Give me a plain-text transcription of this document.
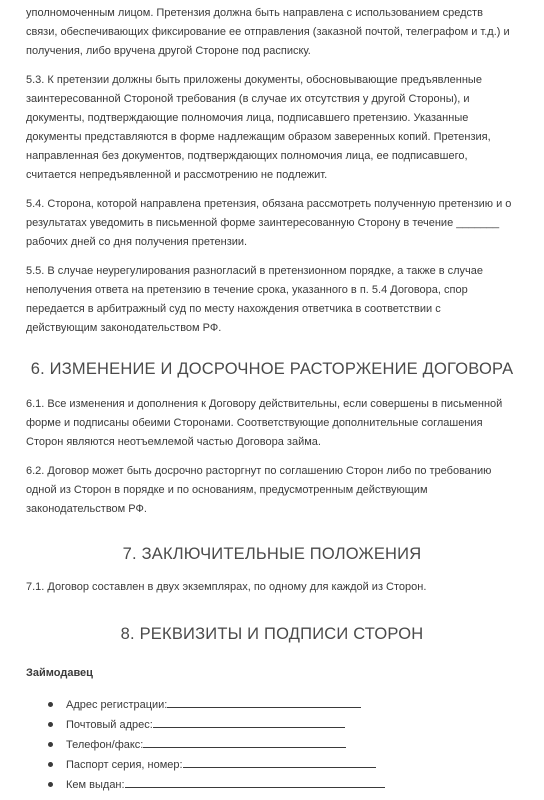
уполномоченным лицом. Претензия должна быть направлена с использованием средств
связи, обеспечивающих фиксирование ее отправления (заказной почтой, телеграфом и т.д.) и
получения, либо вручена другой Стороне под расписку.

5.3. К претензии должны быть приложены документы, обосновывающие предъявленные
заинтересованной Стороной требования (в случае их отсутствия у другой Стороны), и
документы, подтверждающие полномочия лица, подписавшего претензию. Указанные
документы представляются в форме надлежащим образом заверенных копий. Претензия,
направленная без документов, подтверждающих полномочия лица, ее подписавшего,
считается непредъявленной и рассмотрению не подлежит.

5.4. Сторона, которой направлена претензия, обязана рассмотреть полученную претензию и о
результатах уведомить в письменной форме заинтересованную Сторону в течение _______
рабочих дней со дня получения претензии.

5.5. В случае неурегулирования разногласий в претензионном порядке, а также в случае
неполучения ответа на претензию в течение срока, указанного в п. 5.4 Договора, спор
передается в арбитражный суд по месту нахождения ответчика в соответствии с
действующим законодательством РФ.

6. ИЗМЕНЕНИЕ И ДОСРОЧНОЕ РАСТОРЖЕНИЕ ДОГОВОРА

6.1. Все изменения и дополнения к Договору действительны, если совершены в письменной
форме и подписаны обеими Сторонами. Соответствующие дополнительные соглашения
Сторон являются неотъемлемой частью Договора займа.

6.2. Договор может быть досрочно расторгнут по соглашению Сторон либо по требованию
одной из Сторон в порядке и по основаниям, предусмотренным действующим
законодательством РФ.

7. ЗАКЛЮЧИТЕЛЬНЫЕ ПОЛОЖЕНИЯ

7.1. Договор составлен в двух экземплярах, по одному для каждой из Сторон.

8. РЕКВИЗИТЫ И ПОДПИСИ СТОРОН
Займодавец
Адрес регистрации:
Почтовый адрес:
Телефон/факс:
Паспорт серия, номер:
Кем выдан:
